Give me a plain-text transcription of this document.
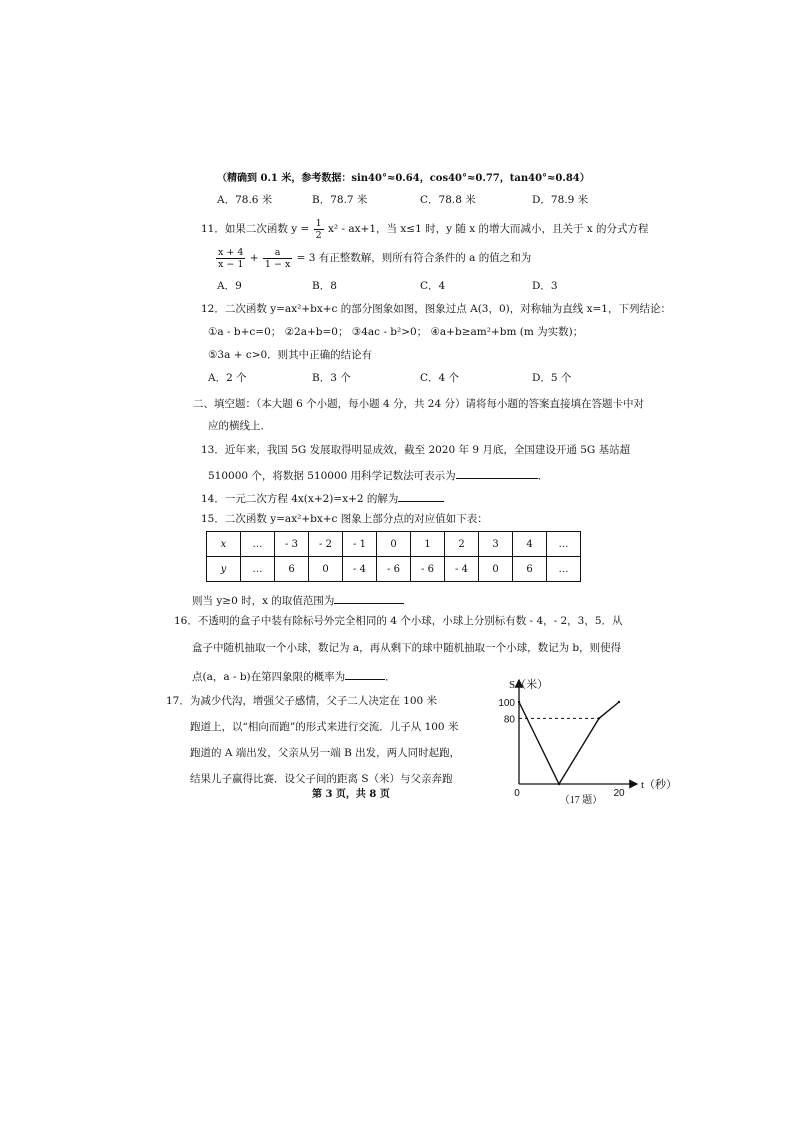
（精确到 0.1 米，参考数据：sin40°≈0.64，cos40°≈0.77，tan40°≈0.84）
A．78.6 米	B．78.7 米	C．78.8 米	D．78.9 米
11．如果二次函数 $y = \frac{1}{2} x^2 - ax+1$，当 x≤1 时，y 随 x 的增大而减小，且关于 x 的分式方程
$\frac{x + 4}{x - 1} + \frac{a}{1 - x} = 3$ 有正整数解，则所有符合条件的 a 的值之和为
A．9	B．8	C．4	D．3
12．二次函数 y=ax²+bx+c 的部分图象如图，图象过点 A(3，0)，对称轴为直线 x=1，下列结论：
①a - b+c=0； ②2a+b=0； ③4ac - b²>0； ④a+b≥am²+bm (m 为实数)；
⑤3a + c>0．则其中正确的结论有
A．2 个	B．3 个	C．4 个	D．5 个
二、填空题：（本大题 6 个小题，每小题 4 分，共 24 分）请将每小题的答案直接填在答题卡中对
应的横线上．
13．近年来，我国 5G 发展取得明显成效，截至 2020 年 9 月底，全国建设开通 5G 基站超
510000 个，将数据 510000 用科学记数法可表示为	．
14．一元二次方程 4x(x+2)=x+2 的解为
15．二次函数 y=ax²+bx+c 图象上部分点的对应值如下表：
x	…	- 3	- 2	- 1	0	1	2	3	4	…
y	…	6	0	- 4	- 6	- 6	- 4	0	6	…
则当 y≥0 时，x 的取值范围为
16．不透明的盒子中装有除标号外完全相同的 4 个小球，小球上分别标有数 - 4，- 2，3，5．从
盒子中随机抽取一个小球，数记为 a，再从剩下的球中随机抽取一个小球，数记为 b，则使得
点(a，a - b)在第四象限的概率为	．
17．为减少代沟，增强父子感情，父子二人决定在 100 米
跑道上，以“相向而跑”的形式来进行交流．儿子从 100 米
跑道的 A 端出发，父亲从另一端 B 出发，两人同时起跑，
结果儿子赢得比赛．设父子间的距离 S（米）与父亲奔跑
S（米）
t（秒）
80
100
0	20
（17 题）
第 3 页，共 8 页
